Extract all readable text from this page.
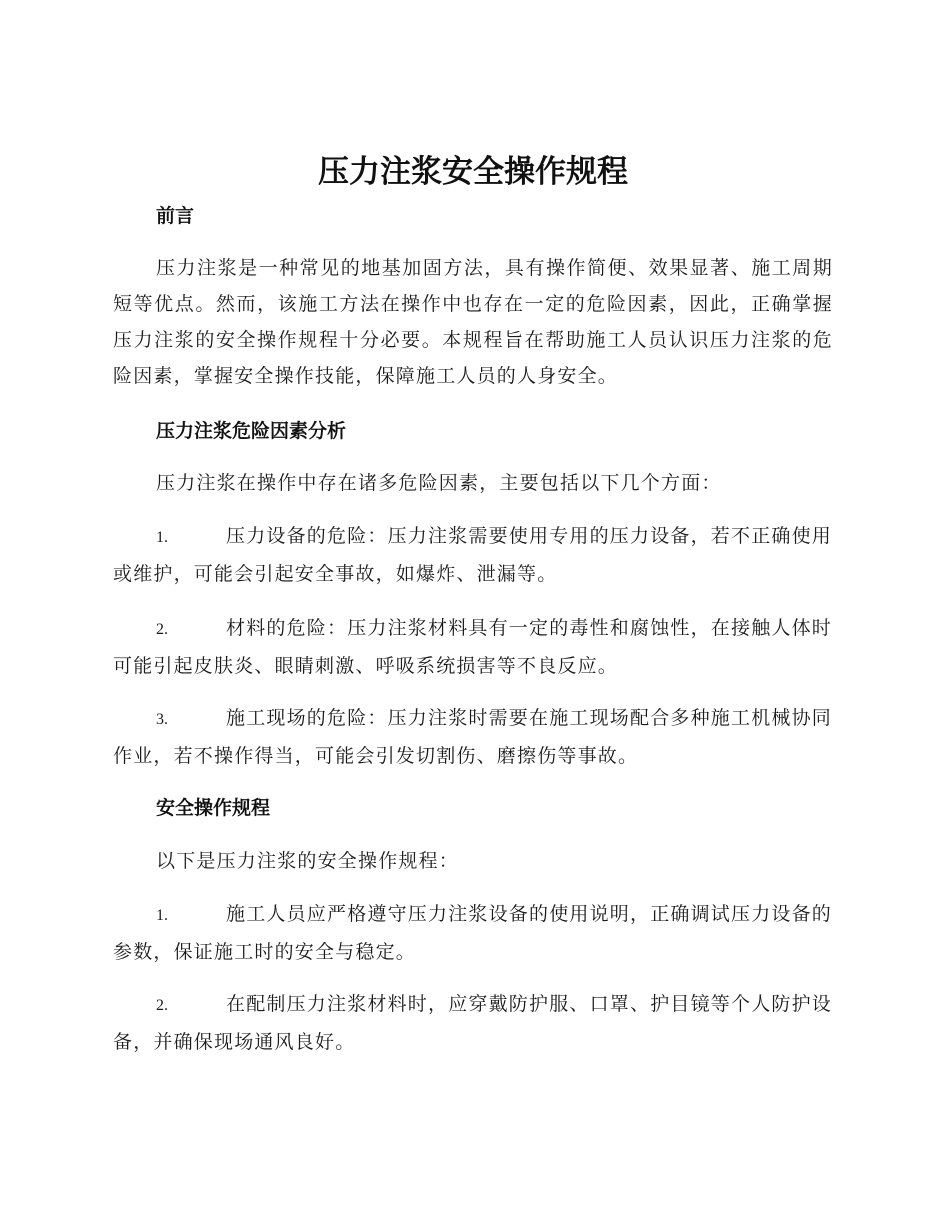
压力注浆安全操作规程
前言

压力注浆是一种常见的地基加固方法，具有操作简便、效果显著、施工周期短等优点。然而，该施工方法在操作中也存在一定的危险因素，因此，正确掌握压力注浆的安全操作规程十分必要。本规程旨在帮助施工人员认识压力注浆的危险因素，掌握安全操作技能，保障施工人员的人身安全。

压力注浆危险因素分析

压力注浆在操作中存在诸多危险因素，主要包括以下几个方面：

1.	压力设备的危险：压力注浆需要使用专用的压力设备，若不正确使用或维护，可能会引起安全事故，如爆炸、泄漏等。

2.	材料的危险：压力注浆材料具有一定的毒性和腐蚀性，在接触人体时可能引起皮肤炎、眼睛刺激、呼吸系统损害等不良反应。

3.	施工现场的危险：压力注浆时需要在施工现场配合多种施工机械协同作业，若不操作得当，可能会引发切割伤、磨擦伤等事故。

安全操作规程

以下是压力注浆的安全操作规程：

1.	施工人员应严格遵守压力注浆设备的使用说明，正确调试压力设备的参数，保证施工时的安全与稳定。

2.	在配制压力注浆材料时，应穿戴防护服、口罩、护目镜等个人防护设备，并确保现场通风良好。
